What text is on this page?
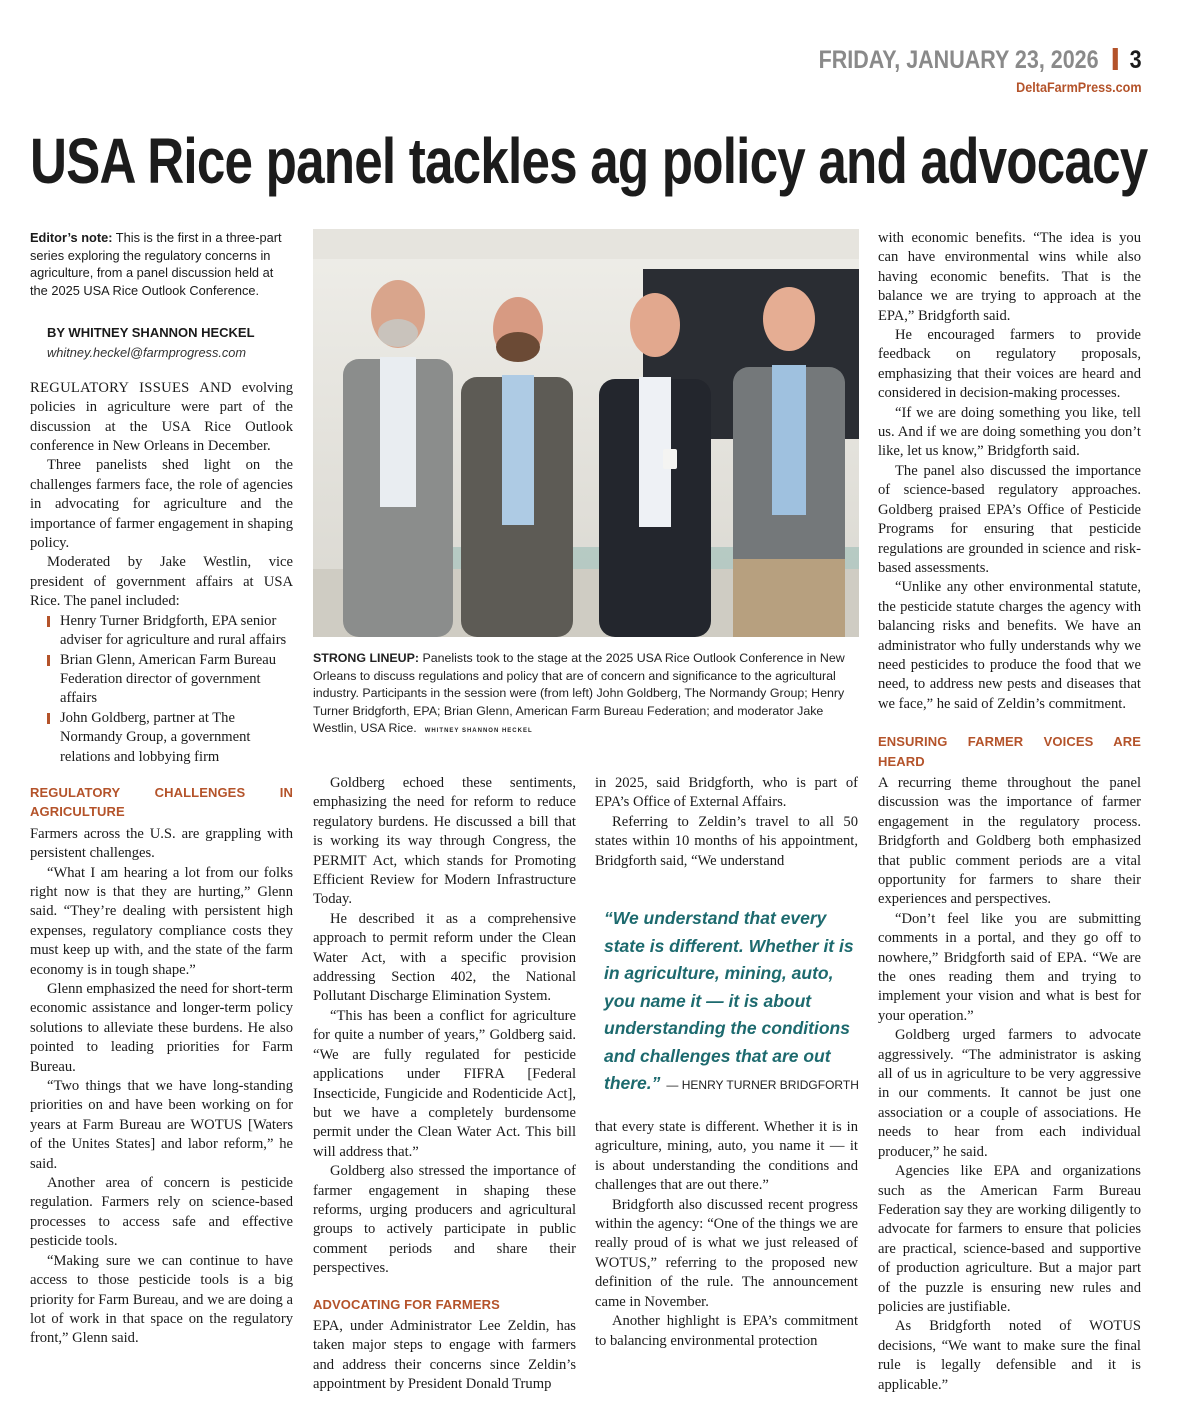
FRIDAY, JANUARY 23, 2026 3
DeltaFarmPress.com
USA Rice panel tackles ag policy and advocacy
Editor’s note: This is the first in a three-part series exploring the regulatory concerns in agriculture, from a panel discussion held at the 2025 USA Rice Outlook Conference.

BY WHITNEY SHANNON HECKEL

whitney.heckel@farmprogress.com

REGULATORY ISSUES AND evolving policies in agriculture were part of the discussion at the USA Rice Outlook conference in New Orleans in December.

Three panelists shed light on the challenges farmers face, the role of agencies in advocating for agriculture and the importance of farmer engagement in shaping policy.

Moderated by Jake Westlin, vice president of government affairs at USA Rice. The panel included:

Henry Turner Bridgforth, EPA senior adviser for agriculture and rural affairs
Brian Glenn, American Farm Bureau Federation director of government affairs
John Goldberg, partner at The Normandy Group, a government relations and lobbying firm
REGULATORY CHALLENGES IN AGRICULTURE

Farmers across the U.S. are grappling with persistent challenges.

“What I am hearing a lot from our folks right now is that they are hurting,” Glenn said. “They’re dealing with persistent high expenses, regulatory compliance costs they must keep up with, and the state of the farm economy is in tough shape.”

Glenn emphasized the need for short-term economic assistance and longer-term policy solutions to alleviate these burdens. He also pointed to leading priorities for Farm Bureau.

“Two things that we have long-standing priorities on and have been working on for years at Farm Bureau are WOTUS [Waters of the Unites States] and labor reform,” he said.

Another area of concern is pesticide regulation. Farmers rely on science-based processes to access safe and effective pesticide tools.

“Making sure we can continue to have access to those pesticide tools is a big priority for Farm Bureau, and we are doing a lot of work in that space on the regulatory front,” Glenn said.

STRONG LINEUP: Panelists took to the stage at the 2025 USA Rice Outlook Conference in New Orleans to discuss regulations and policy that are of concern and significance to the agricultural industry. Participants in the session were (from left) John Goldberg, The Normandy Group; Henry Turner Bridgforth, EPA; Brian Glenn, American Farm Bureau Federation; and moderator Jake Westlin, USA Rice. WHITNEY SHANNON HECKEL

Goldberg echoed these sentiments, emphasizing the need for reform to reduce regulatory burdens. He discussed a bill that is working its way through Congress, the PERMIT Act, which stands for Promoting Efficient Review for Modern Infrastructure Today.

He described it as a comprehensive approach to permit reform under the Clean Water Act, with a specific provision addressing Section 402, the National Pollutant Discharge Elimination System.

“This has been a conflict for agriculture for quite a number of years,” Goldberg said. “We are fully regulated for pesticide applications under FIFRA [Federal Insecticide, Fungicide and Rodenticide Act], but we have a completely burdensome permit under the Clean Water Act. This bill will address that.”

Goldberg also stressed the importance of farmer engagement in shaping these reforms, urging producers and agricultural groups to actively participate in public comment periods and share their perspectives.

ADVOCATING FOR FARMERS

EPA, under Administrator Lee Zeldin, has taken major steps to engage with farmers and address their concerns since Zeldin’s appointment by President Donald Trump

in 2025, said Bridgforth, who is part of EPA’s Office of External Affairs.

Referring to Zeldin’s travel to all 50 states within 10 months of his appointment, Bridgforth said, “We understand

that every state is different. Whether it is in agriculture, mining, auto, you name it — it is about understanding the conditions and challenges that are out there.”

Bridgforth also discussed recent progress within the agency: “One of the things we are really proud of is what we just released of WOTUS,” referring to the proposed new definition of the rule. The announcement came in November.

Another highlight is EPA’s commitment to balancing environmental protection

“We understand that every state is different. Whether it is in agriculture, mining, auto, you name it — it is about understanding the conditions and challenges that are out there.” — HENRY TURNER BRIDGFORTH

with economic benefits. “The idea is you can have environmental wins while also having economic benefits. That is the balance we are trying to approach at the EPA,” Bridgforth said.

He encouraged farmers to provide feedback on regulatory proposals, emphasizing that their voices are heard and considered in decision-making processes.

“If we are doing something you like, tell us. And if we are doing something you don’t like, let us know,” Bridgforth said.

The panel also discussed the importance of science-based regulatory approaches. Goldberg praised EPA’s Office of Pesticide Programs for ensuring that pesticide regulations are grounded in science and risk-based assessments.

“Unlike any other environmental statute, the pesticide statute charges the agency with balancing risks and benefits. We have an administrator who fully understands why we need pesticides to produce the food that we need, to address new pests and diseases that we face,” he said of Zeldin’s commitment.

ENSURING FARMER VOICES ARE HEARD

A recurring theme throughout the panel discussion was the importance of farmer engagement in the regulatory process. Bridgforth and Goldberg both emphasized that public comment periods are a vital opportunity for farmers to share their experiences and perspectives.

“Don’t feel like you are submitting comments in a portal, and they go off to nowhere,” Bridgforth said of EPA. “We are the ones reading them and trying to implement your vision and what is best for your operation.”

Goldberg urged farmers to advocate aggressively. “The administrator is asking all of us in agriculture to be very aggressive in our comments. It cannot be just one association or a couple of associations. He needs to hear from each individual producer,” he said.

Agencies like EPA and organizations such as the American Farm Bureau Federation say they are working diligently to advocate for farmers to ensure that policies are practical, science-based and supportive of production agriculture. But a major part of the puzzle is ensuring new rules and policies are justifiable.

As Bridgforth noted of WOTUS decisions, “We want to make sure the final rule is legally defensible and it is applicable.”
